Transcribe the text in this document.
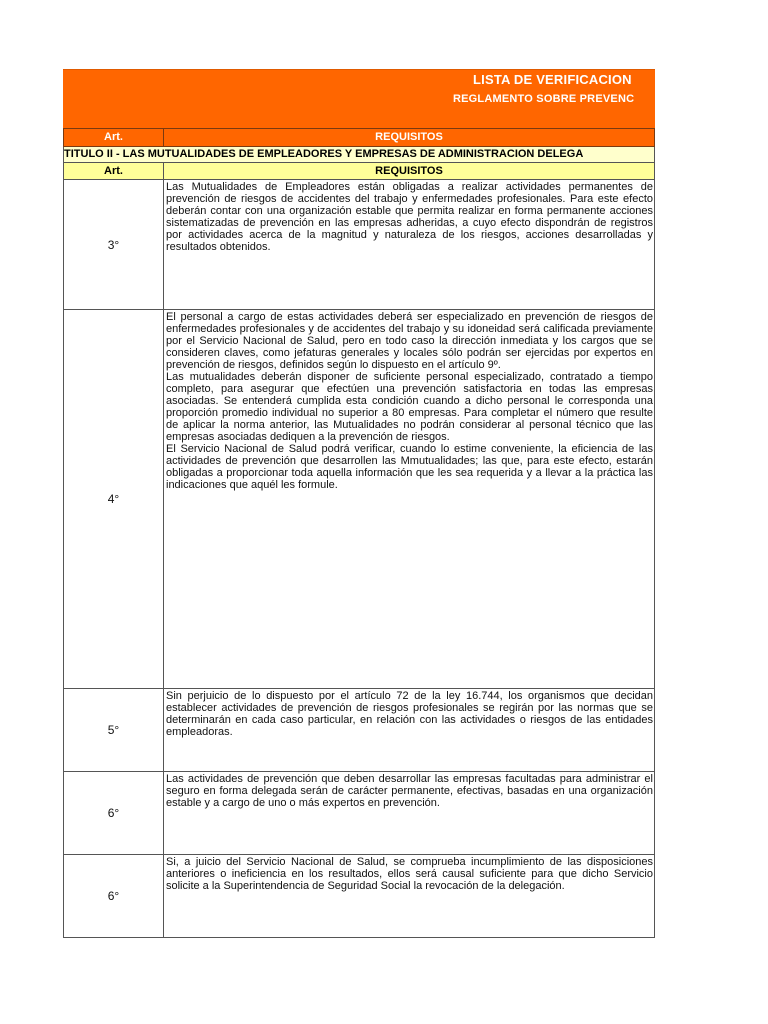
LISTA DE VERIFICACION
REGLAMENTO SOBRE PREVENC
Art.	REQUISITOS
TITULO II - LAS MUTUALIDADES DE EMPLEADORES Y EMPRESAS DE ADMINISTRACION DELEGA	
Art.	REQUISITOS
3°	Las Mutualidades de Empleadores están obligadas a realizar actividades permanentes de prevención de riesgos de accidentes del trabajo y enfermedades profesionales. Para este efecto deberán contar con una organización estable que permita realizar en forma permanente acciones sistematizadas de prevención en las empresas adheridas, a cuyo efecto dispondrán de registros por actividades acerca de la magnitud y naturaleza de los riesgos, acciones desarrolladas y resultados obtenidos.

4°	El personal a cargo de estas actividades deberá ser especializado en prevención de riesgos de enfermedades profesionales y de accidentes del trabajo y su idoneidad será calificada previamente por el Servicio Nacional de Salud, pero en todo caso la dirección inmediata y los cargos que se consideren claves, como jefaturas generales y locales sólo podrán ser ejercidas por expertos en prevención de riesgos, definidos según lo dispuesto en el artículo 9º.

Las mutualidades deberán disponer de suficiente personal especializado, contratado a tiempo completo, para asegurar que efectúen una prevención satisfactoria en todas las empresas asociadas. Se entenderá cumplida esta condición cuando a dicho personal le corresponda una proporción promedio individual no superior a 80 empresas. Para completar el número que resulte de aplicar la norma anterior, las Mutualidades no podrán considerar al personal técnico que las empresas asociadas dediquen a la prevención de riesgos.

El Servicio Nacional de Salud podrá verificar, cuando lo estime conveniente, la eficiencia de las actividades de prevención que desarrollen las Mmutualidades; las que, para este efecto, estarán obligadas a proporcionar toda aquella información que les sea requerida y a llevar a la práctica las indicaciones que aquél les formule.

5°	Sin perjuicio de lo dispuesto por el artículo 72 de la ley 16.744, los organismos que decidan establecer actividades de prevención de riesgos profesionales se regirán por las normas que se determinarán en cada caso particular, en relación con las actividades o riesgos de las entidades empleadoras.

6°	Las actividades de prevención que deben desarrollar las empresas facultadas para administrar el seguro en forma delegada serán de carácter permanente, efectivas, basadas en una organización estable y a cargo de uno o más expertos en prevención.

6°	Si, a juicio del Servicio Nacional de Salud, se comprueba incumplimiento de las disposiciones anteriores o ineficiencia en los resultados, ellos será causal suficiente para que dicho Servicio solicite a la Superintendencia de Seguridad Social la revocación de la delegación.
